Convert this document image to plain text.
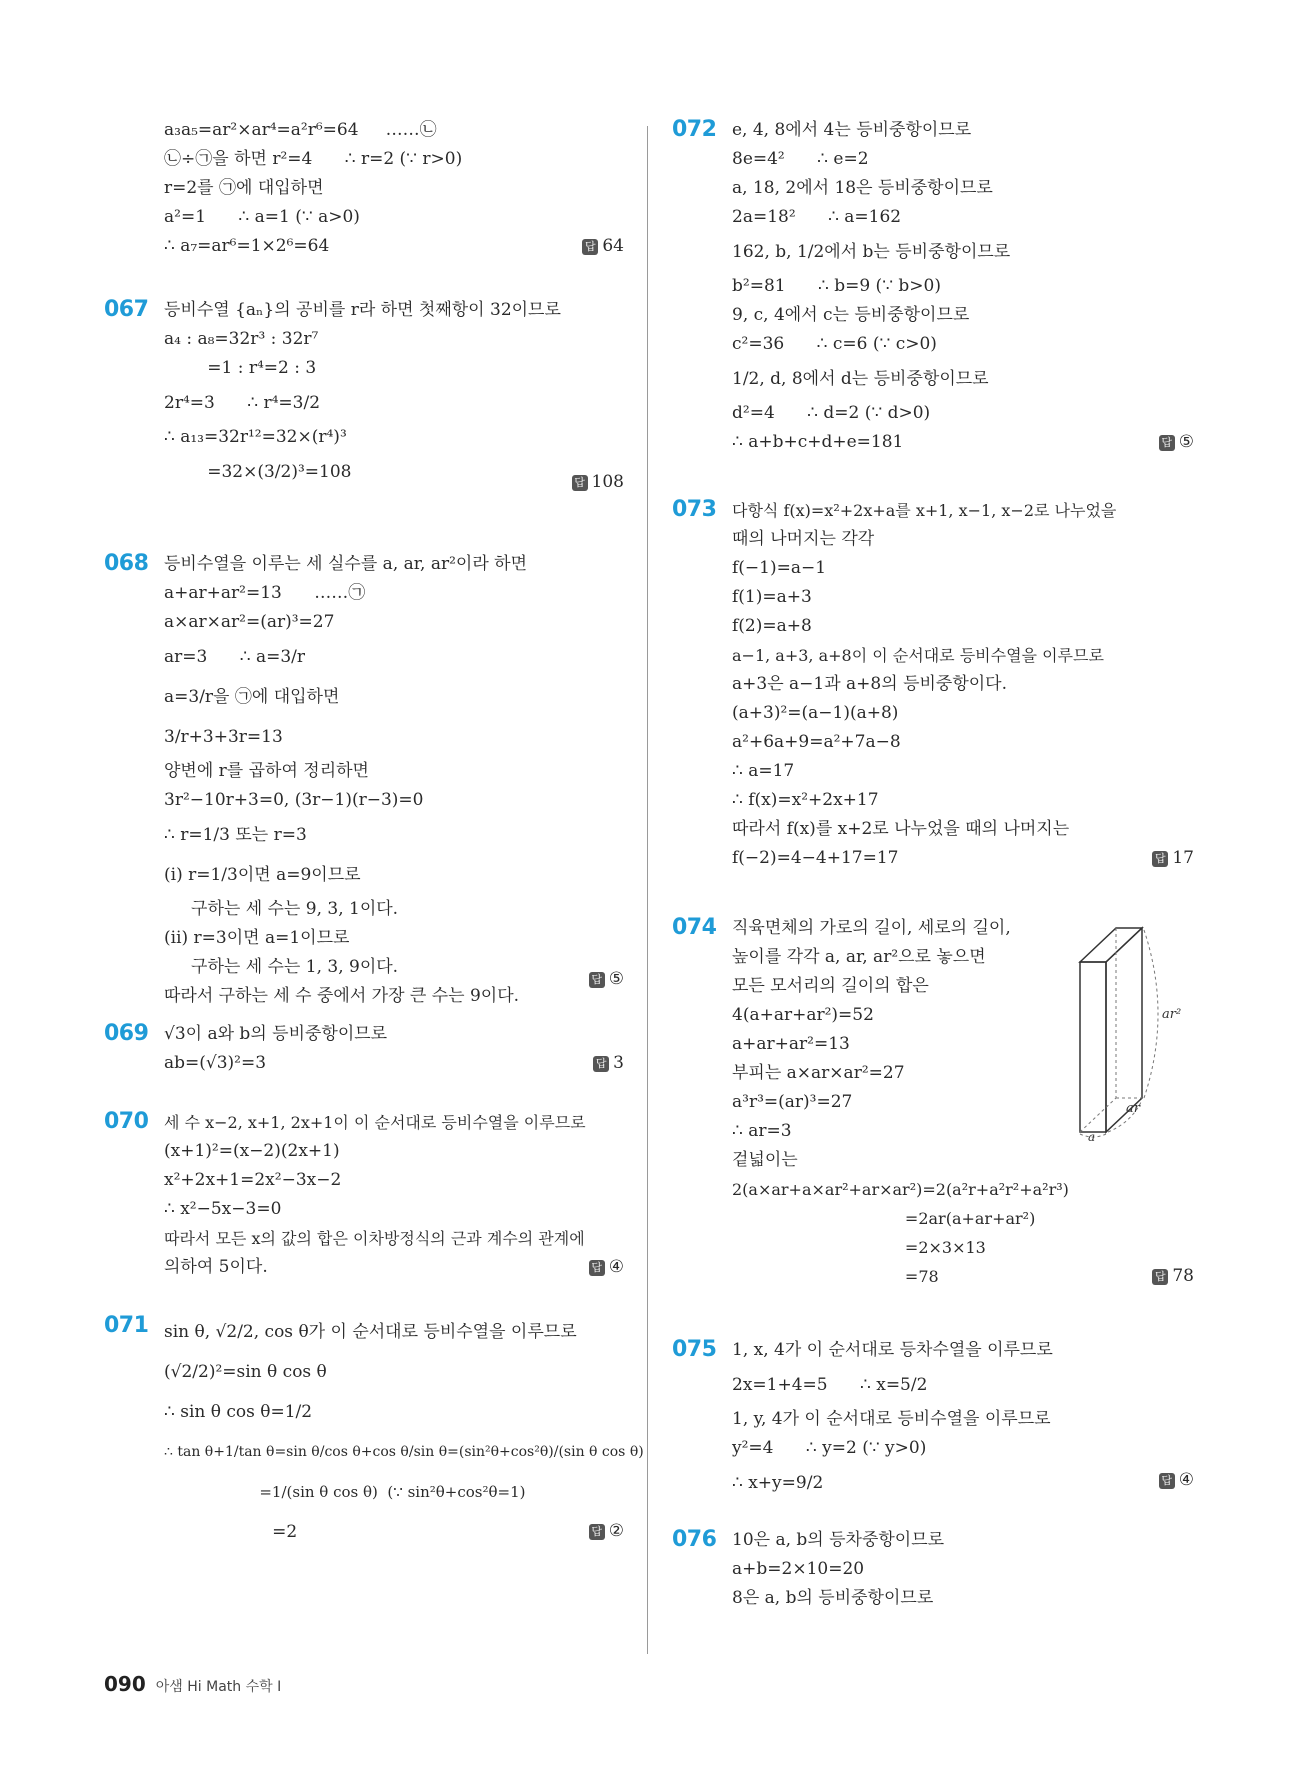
a₃a₅=ar²×ar⁴=a²r⁶=64     ……㉡
㉡÷㉠을 하면 r²=4      ∴ r=2 (∵ r>0)
r=2를 ㉠에 대입하면
a²=1      ∴ a=1 (∵ a>0)
∴ a₇=ar⁶=1×2⁶=64	답 64
067 등비수열 {aₙ}의 공비를 r라 하면 첫째항이 32이므로
a₄ : a₈=32r³ : 32r⁷
=1 : r⁴=2 : 3
2r⁴=3      ∴ r⁴=3/2
∴ a₁₃=32r¹²=32×(r⁴)³
=32×(3/2)³=108	답 108
068 등비수열을 이루는 세 실수를 a, ar, ar²이라 하면
a+ar+ar²=13      ……㉠
a×ar×ar²=(ar)³=27
ar=3      ∴ a=3/r
a=3/r을 ㉠에 대입하면
3/r+3+3r=13
양변에 r를 곱하여 정리하면
3r²−10r+3=0, (3r−1)(r−3)=0
∴ r=1/3 또는 r=3
(ⅰ) r=1/3이면 a=9이므로
구하는 세 수는 9, 3, 1이다.
(ⅱ) r=3이면 a=1이므로
구하는 세 수는 1, 3, 9이다.
따라서 구하는 세 수 중에서 가장 큰 수는 9이다.
답 ⑤
069 √3이 a와 b의 등비중항이므로
ab=(√3)²=3	답 3
070 세 수 x−2, x+1, 2x+1이 이 순서대로 등비수열을 이루므로
(x+1)²=(x−2)(2x+1)
x²+2x+1=2x²−3x−2
∴ x²−5x−3=0
따라서 모든 x의 값의 합은 이차방정식의 근과 계수의 관계에
의하여 5이다.	답 ④
071 sin θ, √2/2, cos θ가 이 순서대로 등비수열을 이루므로
(√2/2)²=sin θ cos θ
∴ sin θ cos θ=1/2
∴ tan θ+1/tan θ=sin θ/cos θ+cos θ/sin θ=(sin²θ+cos²θ)/(sin θ cos θ)
=1/(sin θ cos θ)  (∵ sin²θ+cos²θ=1)
=2	답 ②
072 e, 4, 8에서 4는 등비중항이므로
8e=4²      ∴ e=2
a, 18, 2에서 18은 등비중항이므로
2a=18²      ∴ a=162
162, b, 1/2에서 b는 등비중항이므로
b²=81      ∴ b=9 (∵ b>0)
9, c, 4에서 c는 등비중항이므로
c²=36      ∴ c=6 (∵ c>0)
1/2, d, 8에서 d는 등비중항이므로
d²=4      ∴ d=2 (∵ d>0)
∴ a+b+c+d+e=181	답 ⑤
073 다항식 f(x)=x²+2x+a를 x+1, x−1, x−2로 나누었을
때의 나머지는 각각
f(−1)=a−1
f(1)=a+3
f(2)=a+8
a−1, a+3, a+8이 이 순서대로 등비수열을 이루므로
a+3은 a−1과 a+8의 등비중항이다.
(a+3)²=(a−1)(a+8)
a²+6a+9=a²+7a−8
∴ a=17
∴ f(x)=x²+2x+17
따라서 f(x)를 x+2로 나누었을 때의 나머지는
f(−2)=4−4+17=17	답 17
074 직육면체의 가로의 길이, 세로의 길이,
높이를 각각 a, ar, ar²으로 놓으면
모든 모서리의 길이의 합은
4(a+ar+ar²)=52
a+ar+ar²=13
부피는 a×ar×ar²=27
a³r³=(ar)³=27
∴ ar=3
겉넓이는
2(a×ar+a×ar²+ar×ar²)=2(a²r+a²r²+a²r³)
=2ar(a+ar+ar²)
=2×3×13
=78	답 78
ar²
ar
a
075 1, x, 4가 이 순서대로 등차수열을 이루므로
2x=1+4=5      ∴ x=5/2
1, y, 4가 이 순서대로 등비수열을 이루므로
y²=4      ∴ y=2 (∵ y>0)
∴ x+y=9/2	답 ④
076 10은 a, b의 등차중항이므로
a+b=2×10=20
8은 a, b의 등비중항이므로
090 아샘 Hi Math 수학 Ⅰ
